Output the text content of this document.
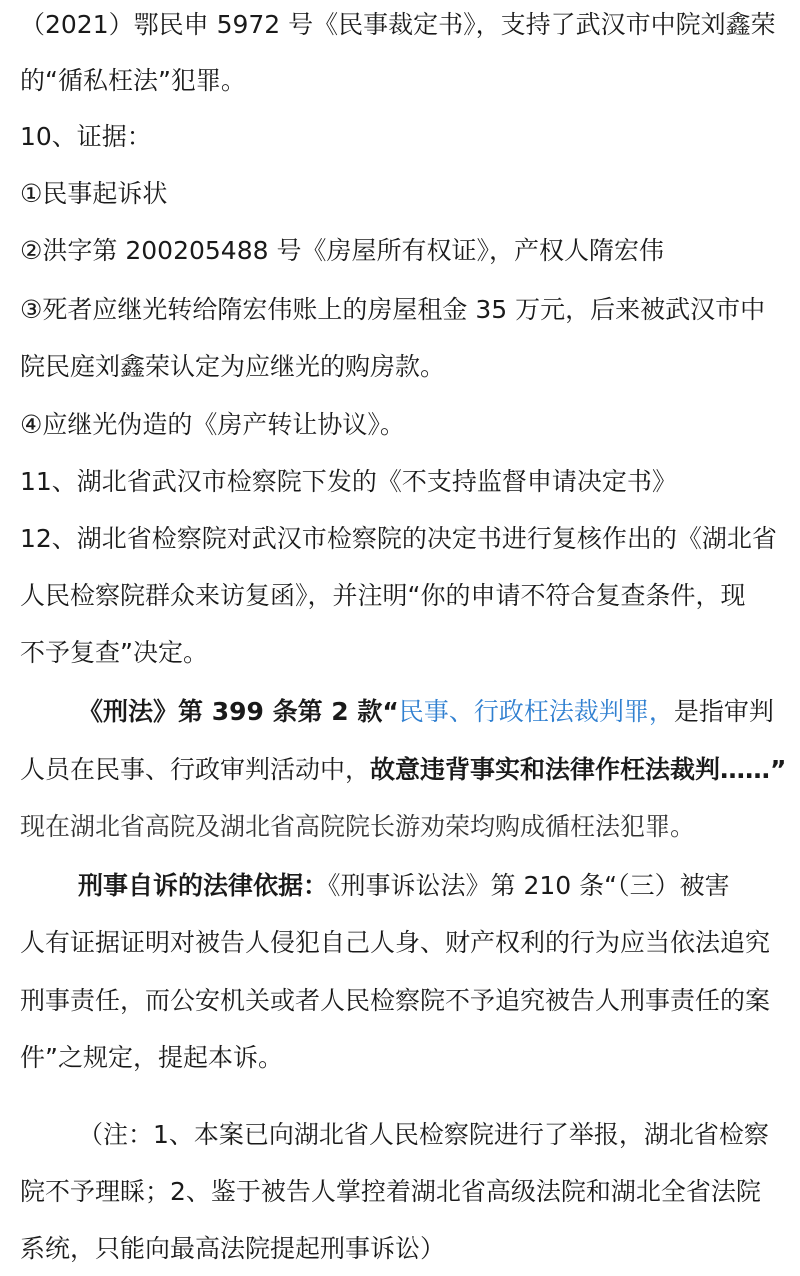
（2021）鄂民申 5972 号《民事裁定书》，支持了武汉市中院刘鑫荣
的“循私枉法”犯罪。
10、证据：
①民事起诉状
②洪字第 200205488 号《房屋所有权证》，产权人隋宏伟
③死者应继光转给隋宏伟账上的房屋租金 35 万元，后来被武汉市中
院民庭刘鑫荣认定为应继光的购房款。
④应继光伪造的《房产转让协议》。
11、湖北省武汉市检察院下发的《不支持监督申请决定书》
12、湖北省检察院对武汉市检察院的决定书进行复核作出的《湖北省
人民检察院群众来访复函》，并注明“你的申请不符合复查条件，现
不予复查”决定。
《刑法》第 399 条第 2 款“民事、行政枉法裁判罪，是指审判
人员在民事、行政审判活动中，故意违背事实和法律作枉法裁判……”
现在湖北省高院及湖北省高院院长游劝荣均购成循枉法犯罪。
刑事自诉的法律依据：《刑事诉讼法》第 210 条“（三）被害
人有证据证明对被告人侵犯自己人身、财产权利的行为应当依法追究
刑事责任，而公安机关或者人民检察院不予追究被告人刑事责任的案
件”之规定，提起本诉。
（注：1、本案已向湖北省人民检察院进行了举报，湖北省检察
院不予理睬；2、鉴于被告人掌控着湖北省高级法院和湖北全省法院
系统，只能向最高法院提起刑事诉讼）
